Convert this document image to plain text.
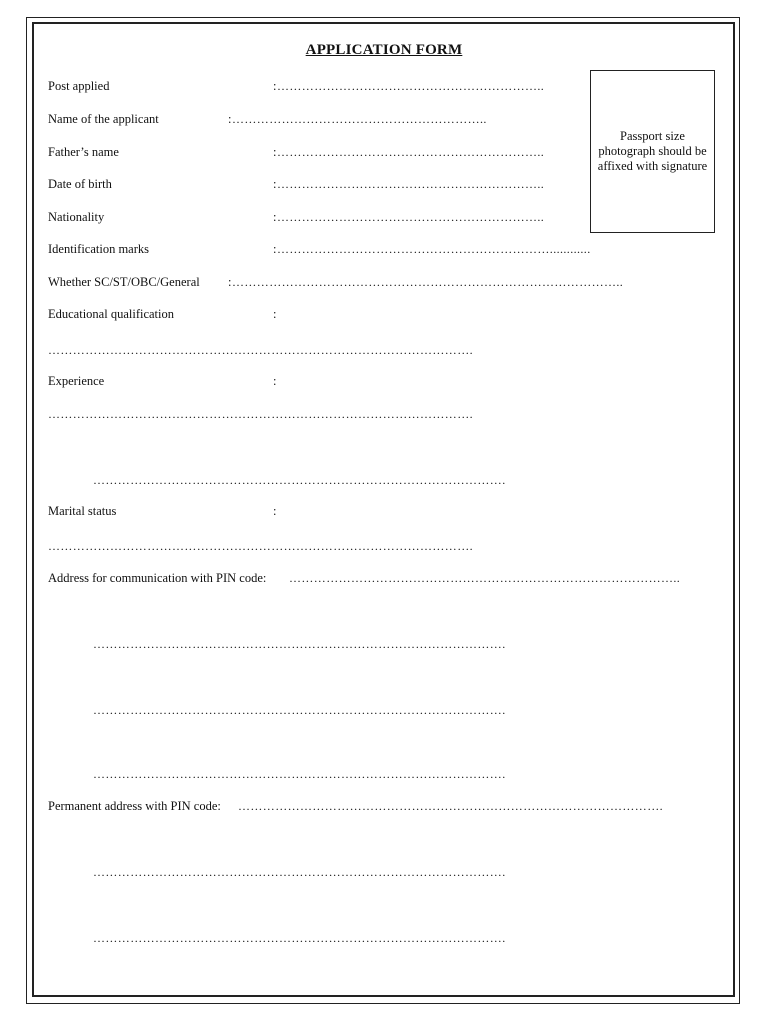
APPLICATION FORM
Passport size photograph should be affixed with signature
Post applied	: ………………………………………………………..
Name of the applicant	: ……………………………………………………..
Father’s name	: ………………………………………………………..
Date of birth	: ………………………………………………………..
Nationality	: ………………………………………………………..
Identification marks	: …………………………………………………………............
Whether SC/ST/OBC/General : …………………………………………………………………………………..
Educational qualification	:
………………………………………………………………………………………….
Experience	:
………………………………………………………………………………………….
……………………………………………………………………………………….
Marital status	:
………………………………………………………………………………………….
Address for communication with PIN code: …………………………………………………………………………………..
……………………………………………………………………………………….
……………………………………………………………………………………….
……………………………………………………………………………………….
Permanent address with PIN code: ………………………………………………………………………………………….
……………………………………………………………………………………….
……………………………………………………………………………………….
